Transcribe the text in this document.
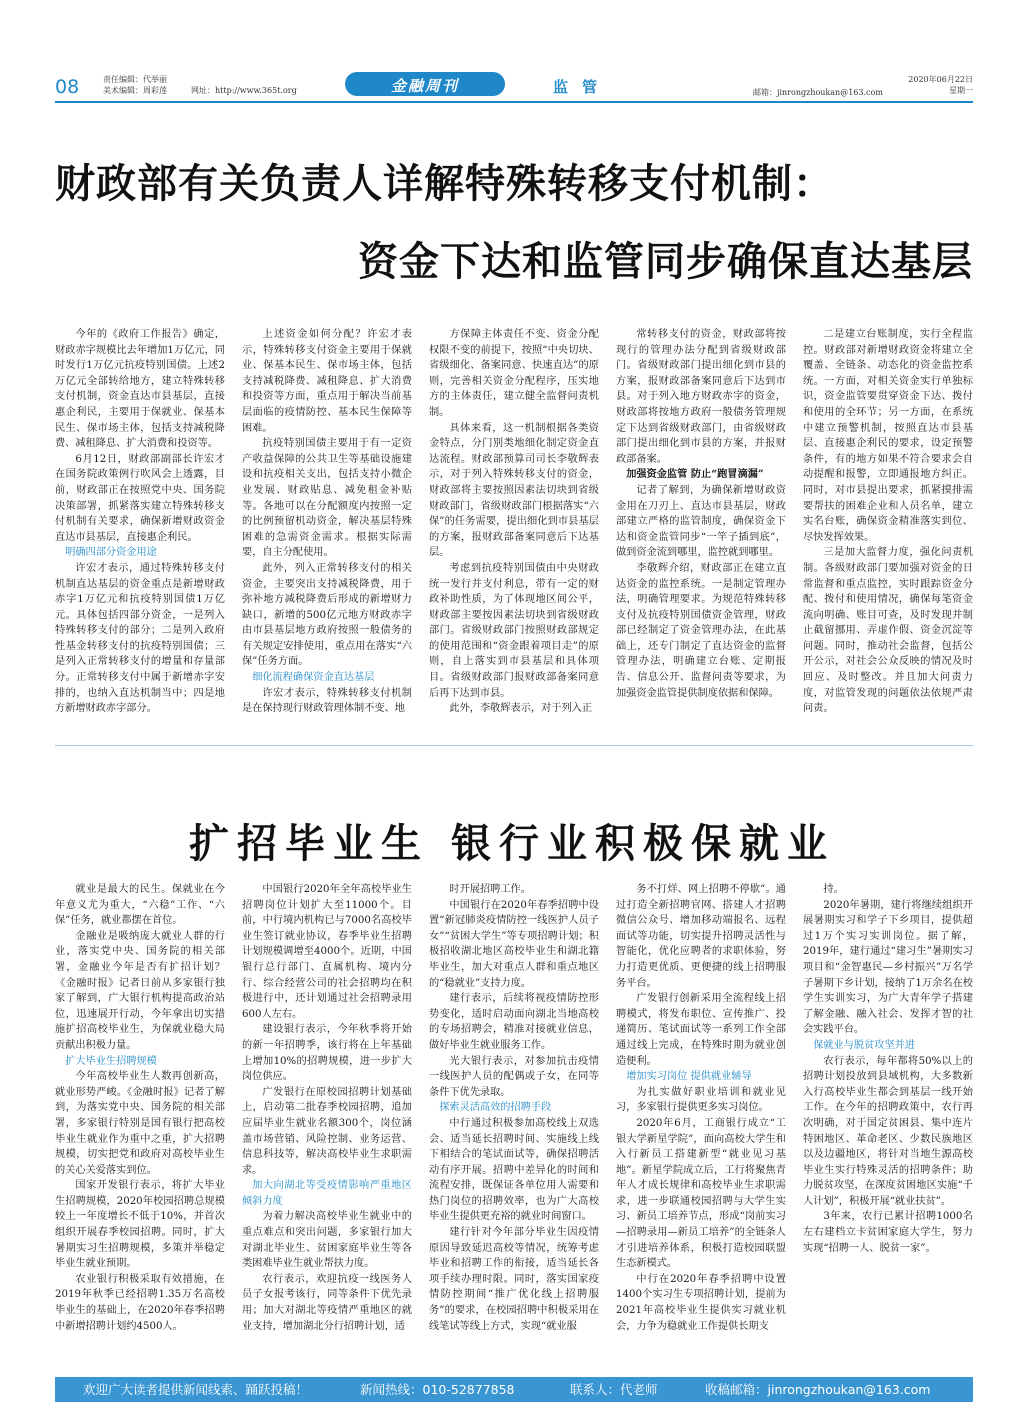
08	责任编辑：代举丽
美术编辑：周彩莲	网址：http://www.365t.org	金融周刊	监管	邮箱：jinrongzhoukan@163.com
2020年06月22日
星期一
财政部有关负责人详解特殊转移支付机制：
资金下达和监管同步确保直达基层

今年的《政府工作报告》确定，财政赤字规模比去年增加1万亿元，同时发行1万亿元抗疫特别国债。上述2万亿元全部转给地方，建立特殊转移支付机制，资金直达市县基层，直接惠企利民，主要用于保就业、保基本民生、保市场主体，包括支持减税降费、减租降息、扩大消费和投资等。

6月12日，财政部副部长许宏才在国务院政策例行吹风会上透露，目前，财政部正在按照党中央、国务院决策部署，抓紧落实建立特殊转移支付机制有关要求，确保新增财政资金直达市县基层，直接惠企利民。

明确四部分资金用途

许宏才表示，通过特殊转移支付机制直达基层的资金重点是新增财政赤字1万亿元和抗疫特别国债1万亿元。具体包括四部分资金，一是列入特殊转移支付的部分；二是列入政府性基金转移支付的抗疫特别国债；三是列入正常转移支付的增量和存量部分。正常转移支付中属于新增赤字安排的，也纳入直达机制当中；四是地方新增财政赤字部分。

上述资金如何分配？许宏才表示，特殊转移支付资金主要用于保就业、保基本民生、保市场主体，包括支持减税降费、减租降息、扩大消费和投资等方面，重点用于解决当前基层面临的疫情防控、基本民生保障等困难。

抗疫特别国债主要用于有一定资产收益保障的公共卫生等基础设施建设和抗疫相关支出，包括支持小微企业发展、财政贴息、减免租金补贴等。各地可以在分配额度内按照一定的比例预留机动资金，解决基层特殊困难的急需资金需求。根据实际需要，自主分配使用。

此外，列入正常转移支付的相关资金，主要突出支持减税降费，用于弥补地方减税降费后形成的新增财力缺口，新增的500亿元地方财政赤字由市县基层地方政府按照一般债务的有关规定安排使用，重点用在落实“六保”任务方面。

细化流程确保资金直达基层

许宏才表示，特殊转移支付机制是在保持现行财政管理体制不变、地

方保障主体责任不变、资金分配权限不变的前提下，按照“中央切块、省级细化、备案同意、快速直达”的原则，完善相关资金分配程序，压实地方的主体责任，建立健全监督问责机制。

具体来看，这一机制根据各类资金特点，分门别类地细化制定资金直达流程。财政部预算司司长李敬辉表示，对于列入特殊转移支付的资金，财政部将主要按照因素法切块到省级财政部门，省级财政部门根据落实“六保”的任务需要，提出细化到市县基层的方案，报财政部备案同意后下达基层。

考虑到抗疫特别国债由中央财政统一发行并支付利息，带有一定的财政补助性质，为了体现地区间公平，财政部主要按因素法切块到省级财政部门。省级财政部门按照财政部规定的使用范围和“资金跟着项目走”的原则，自上落实到市县基层和具体项目。省级财政部门报财政部备案同意后再下达到市县。

此外，李敬辉表示，对于列入正

常转移支付的资金，财政部将按现行的管理办法分配到省级财政部门。省级财政部门提出细化到市县的方案，报财政部备案同意后下达到市县。对于列入地方财政赤字的资金，财政部将按地方政府一般债务管理规定下达到省级财政部门，由省级财政部门提出细化到市县的方案，并报财政部备案。

加强资金监管 防止“跑冒滴漏”

记者了解到，为确保新增财政资金用在刀刃上、直达市县基层，财政部建立严格的监管制度，确保资金下达和资金监管同步“一竿子插到底”，做到资金流到哪里，监控就到哪里。

李敬辉介绍，财政部正在建立直达资金的监控系统。一是制定管理办法，明确管理要求。为规范特殊转移支付及抗疫特别国债资金管理，财政部已经制定了资金管理办法，在此基础上，还专门制定了直达资金的监督管理办法，明确建立台账、定期报告、信息公开、监督问责等要求，为加强资金监管提供制度依据和保障。

二是建立台账制度，实行全程监控。财政部对新增财政资金将建立全覆盖、全链条、动态化的资金监控系统。一方面，对相关资金实行单独标识，资金监管要贯穿资金下达、拨付和使用的全环节；另一方面，在系统中建立预警机制，按照直达市县基层、直接惠企利民的要求，设定预警条件，有的地方如果不符合要求会自动提醒和报警，立即通报地方纠正。同时，对市县提出要求，抓紧摸排需要帮扶的困难企业和人员名单，建立实名台账，确保资金精准落实到位、尽快发挥效果。

三是加大监督力度，强化问责机制。各级财政部门要加强对资金的日常监督和重点监控，实时跟踪资金分配、拨付和使用情况，确保每笔资金流向明确、账目可查，及时发现并制止截留挪用、弄虚作假、资金沉淀等问题。同时，推动社会监督，包括公开公示，对社会公众反映的情况及时回应、及时整改。并且加大问责力度，对监管发现的问题依法依规严肃问责。

扩招毕业生 银行业积极保就业

就业是最大的民生。保就业在今年意义尤为重大，“六稳”工作、“六保”任务，就业都摆在首位。

金融业是吸纳庞大就业人群的行业，落实党中央、国务院的相关部署，金融业今年是否有扩招计划？《金融时报》记者日前从多家银行独家了解到，广大银行机构提高政治站位，迅速展开行动，今年拿出切实措施扩招高校毕业生，为保就业稳大局贡献出积极力量。

扩大毕业生招聘规模

今年高校毕业生人数再创新高，就业形势严峻。《金融时报》记者了解到，为落实党中央、国务院的相关部署，多家银行特别是国有银行把高校毕业生就业作为重中之重，扩大招聘规模，切实把党和政府对高校毕业生的关心关爱落实到位。

国家开发银行表示，将扩大毕业生招聘规模，2020年校园招聘总规模较上一年度增长不低于10%，并首次组织开展春季校园招聘。同时，扩大暑期实习生招聘规模，多策并举稳定毕业生就业预期。

农业银行积极采取有效措施，在2019年秋季已经招聘1.35万名高校毕业生的基础上，在2020年春季招聘中新增招聘计划约4500人。

中国银行2020年全年高校毕业生招聘岗位计划扩大至11000个。目前，中行境内机构已与7000名高校毕业生签订就业协议，春季毕业生招聘计划规模调增至4000个。近期，中国银行总行部门、直属机构、境内分行、综合经营公司的社会招聘均在积极进行中，还计划通过社会招聘录用600人左右。

建设银行表示，今年秋季将开始的新一年招聘季，该行将在上年基础上增加10%的招聘规模，进一步扩大岗位供应。

广发银行在原校园招聘计划基础上，启动第二批春季校园招聘，追加应届毕业生就业名额300个，岗位涵盖市场营销、风险控制、业务运营、信息科技等，解决高校毕业生求职需求。

加大向湖北等受疫情影响严重地区倾斜力度

为着力解决高校毕业生就业中的重点难点和突出问题，多家银行加大对湖北毕业生、贫困家庭毕业生等各类困难毕业生就业帮扶力度。

农行表示，欢迎抗疫一线医务人员子女报考该行，同等条件下优先录用；加大对湖北等疫情严重地区的就业支持，增加湖北分行招聘计划，适

时开展招聘工作。

中国银行在2020年春季招聘中设置“新冠肺炎疫情防控一线医护人员子女”“贫困大学生”等专项招聘计划；积极招收湖北地区高校毕业生和湖北籍毕业生，加大对重点人群和重点地区的“稳就业”支持力度。

建行表示，后续将视疫情防控形势变化，适时启动面向湖北当地高校的专场招聘会，精准对接就业信息，做好毕业生就业服务工作。

光大银行表示，对参加抗击疫情一线医护人员的配偶或子女，在同等条件下优先录取。

探索灵活高效的招聘手段

中行通过积极参加高校线上双选会、适当延长招聘时间、实施线上线下相结合的笔试面试等，确保招聘活动有序开展。招聘中差异化的时间和流程安排，既保证各单位用人需要和热门岗位的招聘效率，也为广大高校毕业生提供更充裕的就业时间窗口。

建行针对今年部分毕业生因疫情原因导致延迟高校等情况，统筹考虑毕业和招聘工作的衔接，适当延长各项手续办理时限。同时，落实国家疫情防控期间“推广优化线上招聘服务”的要求，在校园招聘中积极采用在线笔试等线上方式，实现“就业服

务不打烊、网上招聘不停歇”。通过打造全新招聘官网、搭建人才招聘微信公众号、增加移动端报名、远程面试等功能，切实提升招聘灵活性与智能化，优化应聘者的求职体验，努力打造更优质、更便捷的线上招聘服务平台。

广发银行创新采用全流程线上招聘模式，将发布职位、宣传推广、投递简历、笔试面试等一系列工作全部通过线上完成，在特殊时期为就业创造便利。

增加实习岗位 提供就业辅导

为扎实做好职业培训和就业见习，多家银行提供更多实习岗位。

2020年6月，工商银行成立“工银大学新星学院”，面向高校大学生和入行新员工搭建新型“就业见习基地”。新星学院成立后，工行将聚焦青年人才成长规律和高校毕业生求职需求，进一步联通校园招聘与大学生实习、新员工培养节点，形成“岗前实习—招聘录用—新员工培养”的全链条人才引进培养体系，积极打造校园联盟生态新模式。

中行在2020年春季招聘中设置1400个实习生专项招聘计划，提前为2021年高校毕业生提供实习就业机会，力争为稳就业工作提供长期支

持。

2020年暑期，建行将继续组织开展暑期实习和学子下乡项目，提供超过1万个实习实训岗位。据了解，2019年，建行通过“建习生”暑期实习项目和“金智惠民—乡村振兴”万名学子暑期下乡计划，接纳了1万余名在校学生实训实习，为广大青年学子搭建了解金融、融入社会、发挥才智的社会实践平台。

保就业与脱贫攻坚并进

农行表示，每年都将50%以上的招聘计划投放到县域机构，大多数新入行高校毕业生都会到基层一线开始工作。在今年的招聘政策中，农行再次明确，对于国定贫困县、集中连片特困地区、革命老区、少数民族地区以及边疆地区，将针对当地生源高校毕业生实行特殊灵活的招聘条件；助力脱贫攻坚，在深度贫困地区实施“千人计划”，积极开展“就业扶贫”。

3年来，农行已累计招聘1000名左右建档立卡贫困家庭大学生，努力实现“招聘一人、脱贫一家”。

欢迎广大读者提供新闻线索、踊跃投稿！	新闻热线：010-52877858	联系人：代老师	收稿邮箱：jinrongzhoukan@163.com
